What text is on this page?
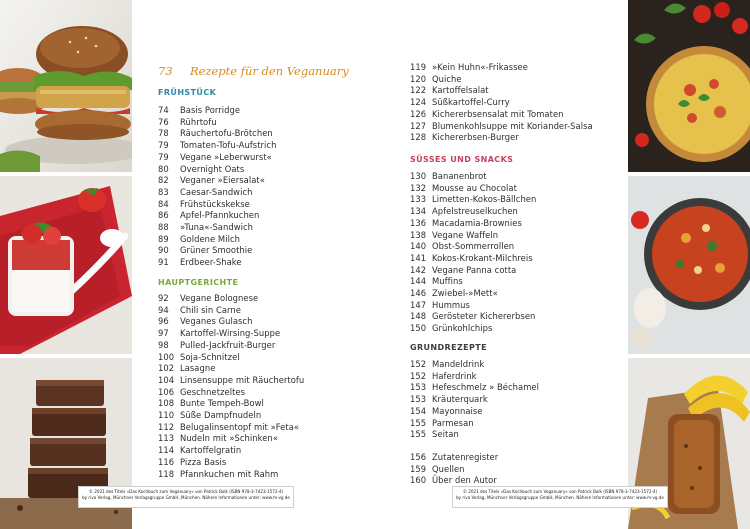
73 Rezepte für den Veganuary
FRÜHSTÜCK
74	Basis Porridge
76	Rührtofu
78	Räuchertofu-Brötchen
79	Tomaten-Tofu-Aufstrich
79	Vegane »Leberwurst«
80	Overnight Oats
82	Veganer »Eiersalat«
83	Caesar-Sandwich
84	Frühstückskekse
86	Apfel-Pfannkuchen
88	»Tuna«-Sandwich
89	Goldene Milch
90	Grüner Smoothie
91	Erdbeer-Shake
HAUPTGERICHTE
92	Vegane Bolognese
94	Chili sin Carne
96	Veganes Gulasch
97	Kartoffel-Wirsing-Suppe
98	Pulled-Jackfruit-Burger
100 Soja-Schnitzel
102 Lasagne
104 Linsensuppe mit Räuchertofu
106 Geschnetzeltes
108 Bunte Tempeh-Bowl
110 Süße Dampfnudeln
112 Belugalinsentopf mit »Feta«
113 Nudeln mit »Schinken«
114 Kartoffelgratin
116 Pizza Basis
118 Pfannkuchen mit Rahm
119 »Kein Huhn«-Frikassee
120 Quiche
122 Kartoffelsalat
124 Süßkartoffel-Curry
126 Kichererbsensalat mit Tomaten
127 Blumenkohlsuppe mit Koriander-Salsa
128 Kichererbsen-Burger
SÜSSES UND SNACKS
130 Bananenbrot
132 Mousse au Chocolat
133 Limetten-Kokos-Bällchen
134 Apfelstreuselkuchen
136 Macadamia-Brownies
138 Vegane Waffeln
140 Obst-Sommerrollen
141 Kokos-Krokant-Milchreis
142 Vegane Panna cotta
144 Muffins
146 Zwiebel-»Mett«
147 Hummus
148 Gerösteter Kichererbsen
150 Grünkohlchips
GRUNDREZEPTE
152 Mandeldrink
152 Haferdrink
153 Hefeschmelz » Béchamel
153 Kräuterquark
154 Mayonnaise
155 Parmesan
155 Seitan
156 Zutatenregister
159 Quellen
160 Über den Autor
© 2021 des Titels »Das Kochbuch zum Veganuary« von Patrick Bolk (ISBN 978-3-7423-1572-4)
by riva Verlag, Münchner Verlagsgruppe GmbH, München. Nähere Informationen unter: www.m-vg.de
© 2021 des Titels »Das Kochbuch zum Veganuary« von Patrick Bolk (ISBN 978-3-7423-1572-4)
by riva Verlag, Münchner Verlagsgruppe GmbH, München. Nähere Informationen unter: www.m-vg.de
